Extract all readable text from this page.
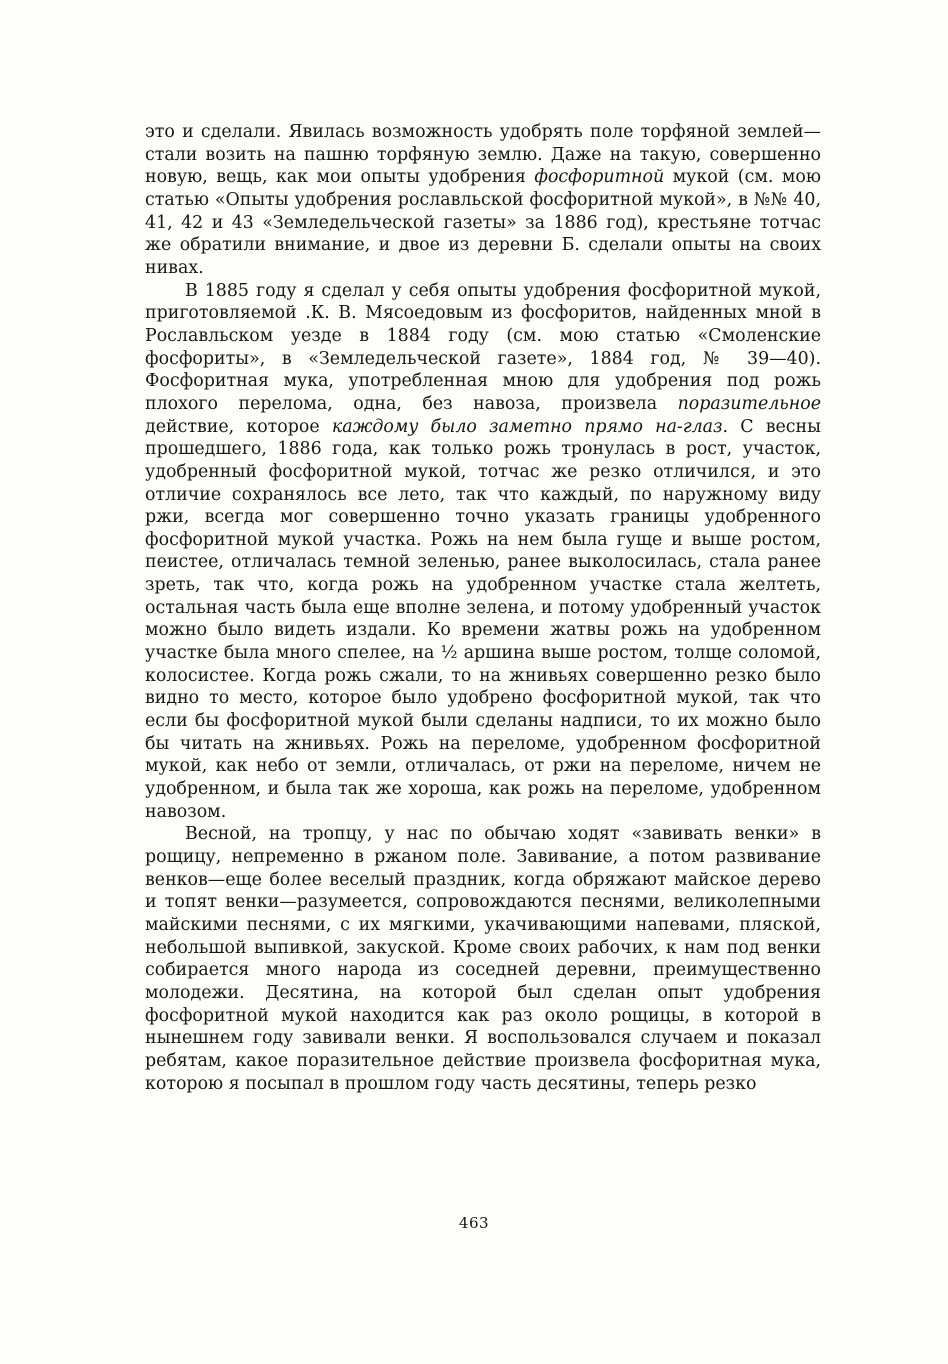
это и сделали. Явилась возможность удобрять поле торфяной землей—стали возить на пашню торфяную землю. Даже на такую, совершенно новую, вещь, как мои опыты удобрения фосфоритной мукой (см. мою статью «Опыты удобрения рославльской фосфоритной мукой», в №№ 40, 41, 42 и 43 «Земледельческой газеты» за 1886 год), крестьяне тотчас же обратили внимание, и двое из деревни Б. сделали опыты на своих нивах.

В 1885 году я сделал у себя опыты удобрения фосфоритной мукой, приготовляемой .К. В. Мясоедовым из фосфоритов, найденных мной в Рославльском уезде в 1884 году (см. мою статью «Смоленские фосфориты», в «Земледельческой газете», 1884 год, № 39—40). Фосфоритная мука, употребленная мною для удобрения под рожь плохого перелома, одна, без навоза, произвела поразительное действие, которое каждому было заметно прямо на-глаз. С весны прошедшего, 1886 года, как только рожь тронулась в рост, участок, удобренный фосфоритной мукой, тотчас же резко отличился, и это отличие сохранялось все лето, так что каждый, по наружному виду ржи, всегда мог совершенно точно указать границы удобренного фосфоритной мукой участка. Рожь на нем была гуще и выше ростом, пеистее, отличалась темной зеленью, ранее выколосилась, стала ранее зреть, так что, когда рожь на удобренном участке стала желтеть, остальная часть была еще вполне зелена, и потому удобренный участок можно было видеть издали. Ко времени жатвы рожь на удобренном участке была много спелее, на ½ аршина выше ростом, толще соломой, колосистее. Когда рожь сжали, то на жнивьях совершенно резко было видно то место, которое было удобрено фосфоритной мукой, так что если бы фосфоритной мукой были сделаны надписи, то их можно было бы читать на жнивьях. Рожь на переломе, удобренном фосфоритной мукой, как небо от земли, отличалась, от ржи на переломе, ничем не удобренном, и была так же хороша, как рожь на переломе, удобренном навозом.

Весной, на тропцу, у нас по обычаю ходят «завивать венки» в рощицу, непременно в ржаном поле. Завивание, а потом развивание венков—еще более веселый праздник, когда обряжают майское дерево и топят венки—разумеется, сопровождаются песнями, великолепными майскими песнями, с их мягкими, укачивающими напевами, пляской, небольшой выпивкой, закуской. Кроме своих рабочих, к нам под венки собирается много народа из соседней деревни, преимущественно молодежи. Десятина, на которой был сделан опыт удобрения фосфоритной мукой находится как раз около рощицы, в которой в нынешнем году завивали венки. Я воспользовался случаем и показал ребятам, какое поразительное действие произвела фосфоритная мука, которою я посыпал в прошлом году часть десятины, теперь резко

463
